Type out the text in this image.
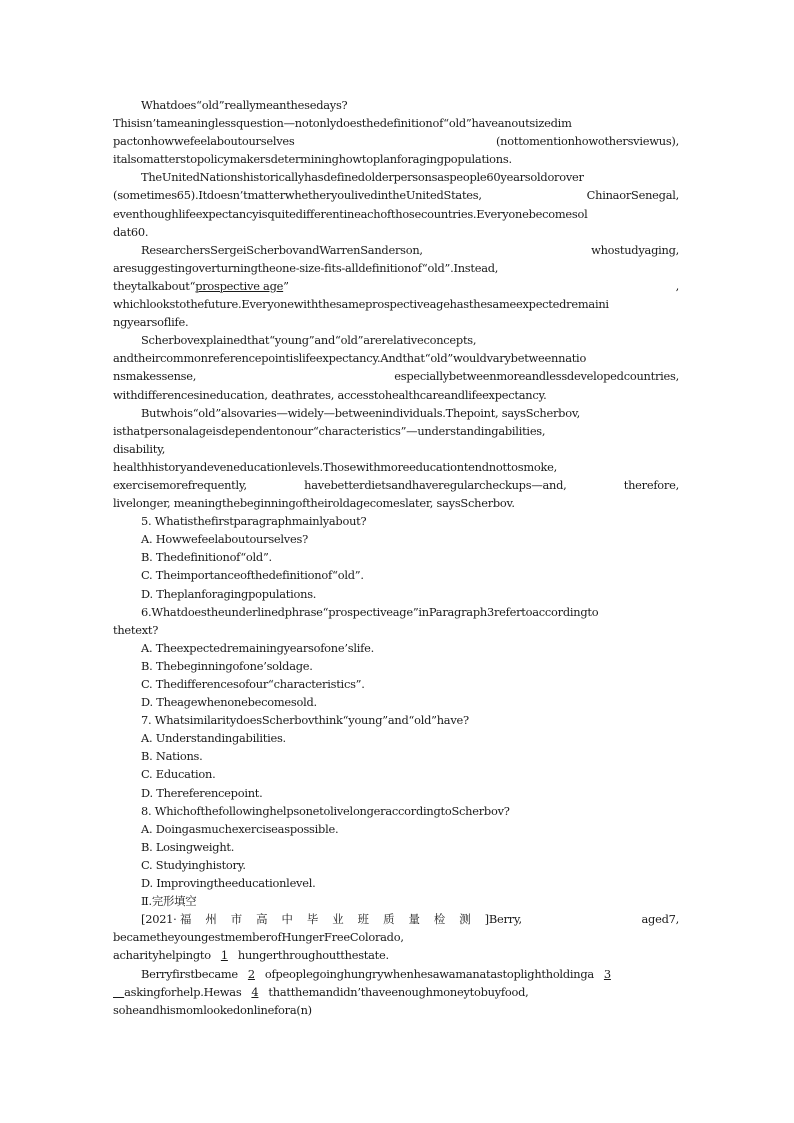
Whatdoes“old”reallymeanthesedays?
Thisisn’tameaninglessquestion—notonlydoesthedefinitionof“old”haveanoutsizedim
pactonhowwefeelaboutourselves	(nottomentionhowothersviewus),
italsomatterstopolicymakersdetermininghowtoplanforagingpopulations.
TheUnitedNationshistoricallyhasdefinedolderpersonsaspeople60yearsoldorover
(sometimes65).Itdoesn’tmatterwhetheryoulivedintheUnitedStates,	ChinaorSenegal,
eventhoughlifeexpectancyisquitedifferentineachofthosecountries.Everyonebecomesol
dat60.
ResearchersSergeiScherbovandWarrenSanderson,	whostudyaging,
aresuggestingoverturningtheone-size-fits-alldefinitionof“old”.Instead,
theytalkabout“prospective age”	,
whichlookstothefuture.Everyonewiththesameprospectiveagehasthesameexpectedremaini
ngyearsoflife.
Scherbovexplainedthat“young”and“old”arerelativeconcepts,
andtheircommonreferencepointislifeexpectancy.Andthat“old”wouldvarybetweennatio
nsmakessense,	especiallybetweenmoreandlessdevelopedcountries,
withdifferencesineducation, deathrates, accesstohealthcareandlifeexpectancy.
Butwhois“old”alsovaries—widely—betweenindividuals.Thepoint, saysScherbov,
isthatpersonalageisdependentonour“characteristics”—understandingabilities,
disability,
healthhistoryandeveneducationlevels.Thosewithmoreeducationtendnottosmoke,
exercisemorefrequently,	havebetterdietsandhaveregularcheckups—and,	therefore,
livelonger, meaningthebeginningoftheiroldagecomeslater, saysScherbov.
5. Whatisthefirstparagraphmainlyabout?
A. Howwefeelaboutourselves?
B. Thedefinitionof“old”.
C. Theimportanceofthedefinitionof“old”.
D. Theplanforagingpopulations.
6.Whatdoestheunderlinedphrase“prospectiveage”inParagraph3refertoaccordingto
thetext?
A. Theexpectedremainingyearsofone’slife.
B. Thebeginningofone’soldage.
C. Thedifferencesofour“characteristics”.
D. Theagewhenonebecomesold.
7. WhatsimilaritydoesScherbovthink“young”and“old”have?
A. Understandingabilities.
B. Nations.
C. Education.
D. Thereferencepoint.
8. WhichofthefollowinghelpsonetolivelongeraccordingtoScherbov?
A. Doingasmuchexerciseaspossible.
B. Losingweight.
C. Studyinghistory.
D. Improvingtheeducationlevel.
Ⅱ.完形填空
[2021· 福州市高中毕业班质量检测]Berry,	aged7,
becametheyoungestmemberofHungerFreeColorado,
acharityhelpingto 1 hungerthroughoutthestate.
Berryfirstbecame 2 ofpeoplegoinghungrywhenhesawamanatastoplightholdinga 3
 askingforhelp.Hewas 4 thatthemandidn’thaveenoughmoneytobuyfood,
soheandhismomlookedonlinefora(n)
